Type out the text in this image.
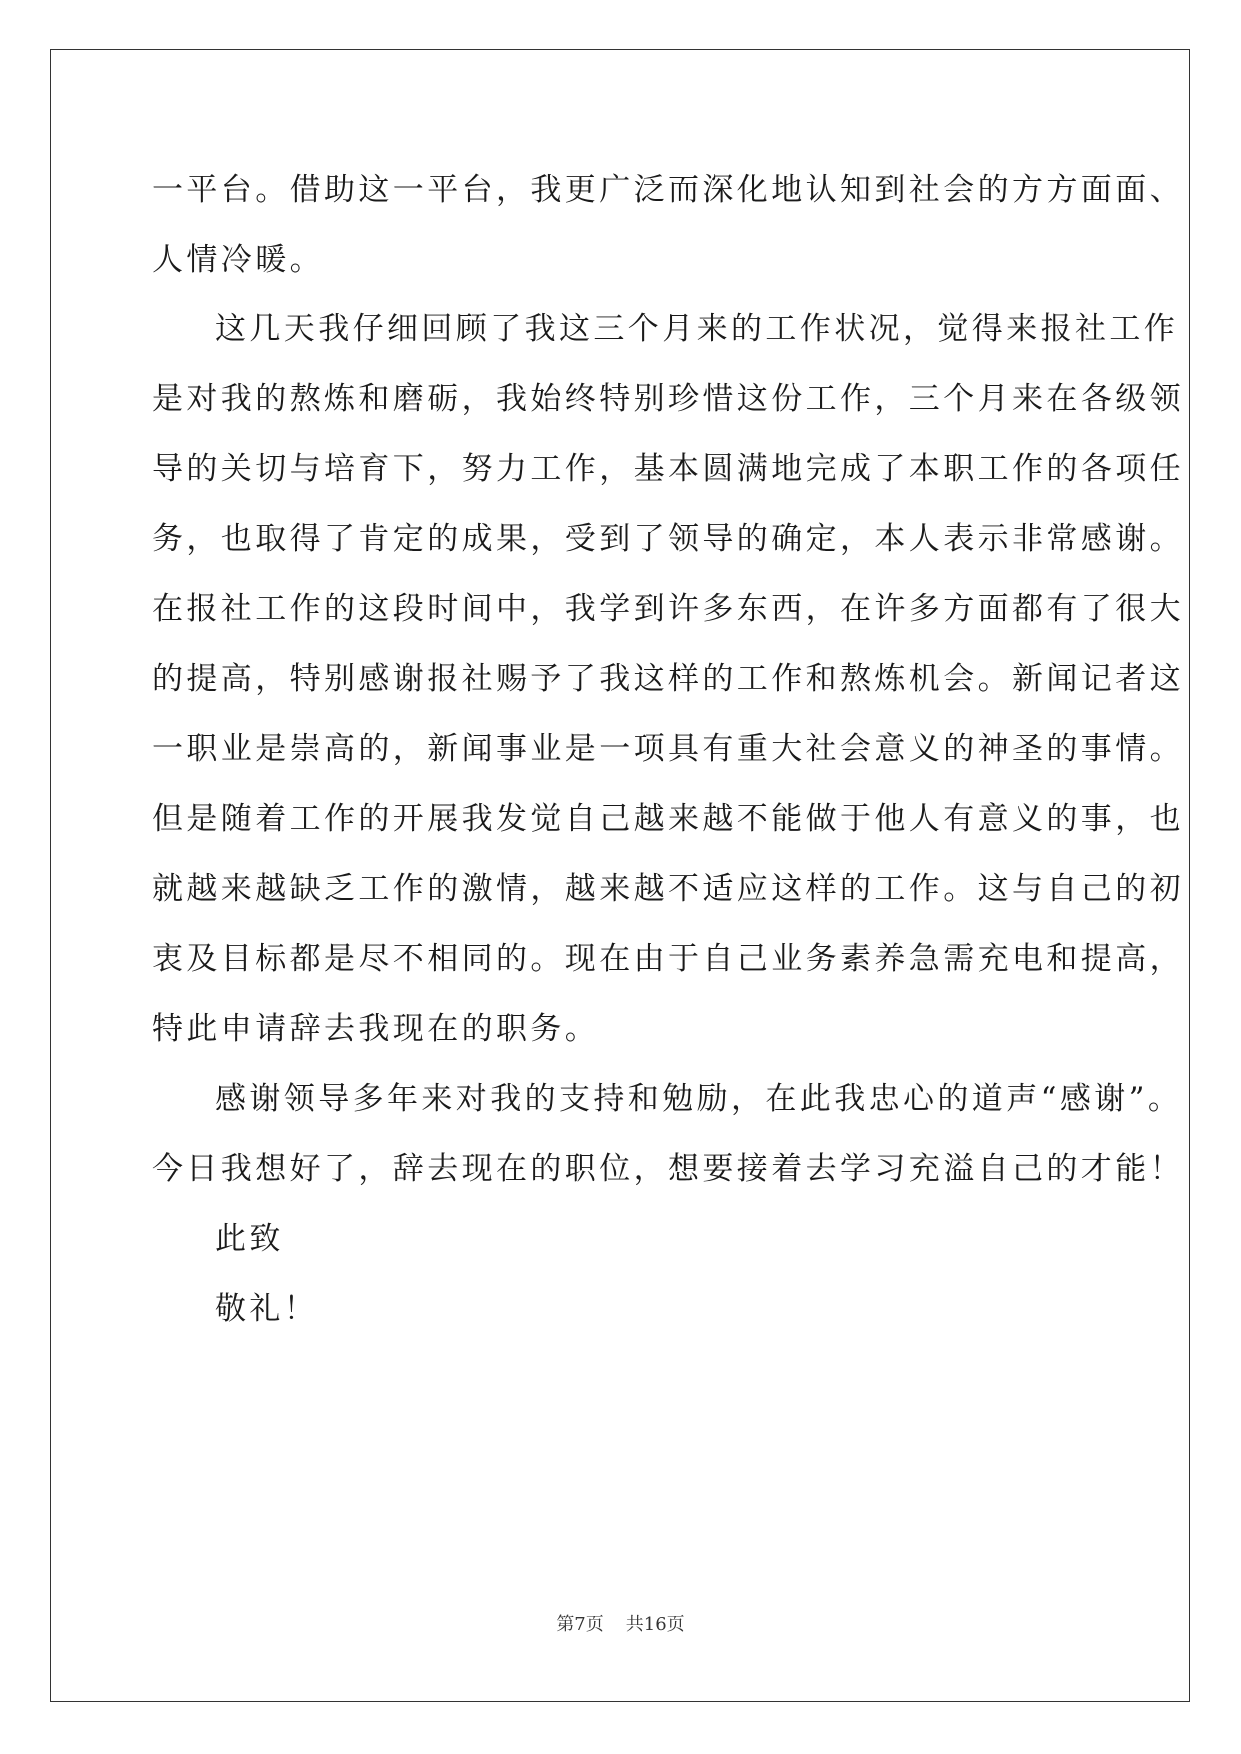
一平台。借助这一平台，我更广泛而深化地认知到社会的方方面面、

人情冷暖。

这几天我仔细回顾了我这三个月来的工作状况，觉得来报社工作

是对我的熬炼和磨砺，我始终特别珍惜这份工作，三个月来在各级领

导的关切与培育下，努力工作，基本圆满地完成了本职工作的各项任

务，也取得了肯定的成果，受到了领导的确定，本人表示非常感谢。

在报社工作的这段时间中，我学到许多东西，在许多方面都有了很大

的提高，特别感谢报社赐予了我这样的工作和熬炼机会。新闻记者这

一职业是崇高的，新闻事业是一项具有重大社会意义的神圣的事情。

但是随着工作的开展我发觉自己越来越不能做于他人有意义的事，也

就越来越缺乏工作的激情，越来越不适应这样的工作。这与自己的初

衷及目标都是尽不相同的。现在由于自己业务素养急需充电和提高，

特此申请辞去我现在的职务。

感谢领导多年来对我的支持和勉励，在此我忠心的道声“感谢”。

今日我想好了，辞去现在的职位，想要接着去学习充溢自己的才能！

此致

敬礼！

第7页 共16页
